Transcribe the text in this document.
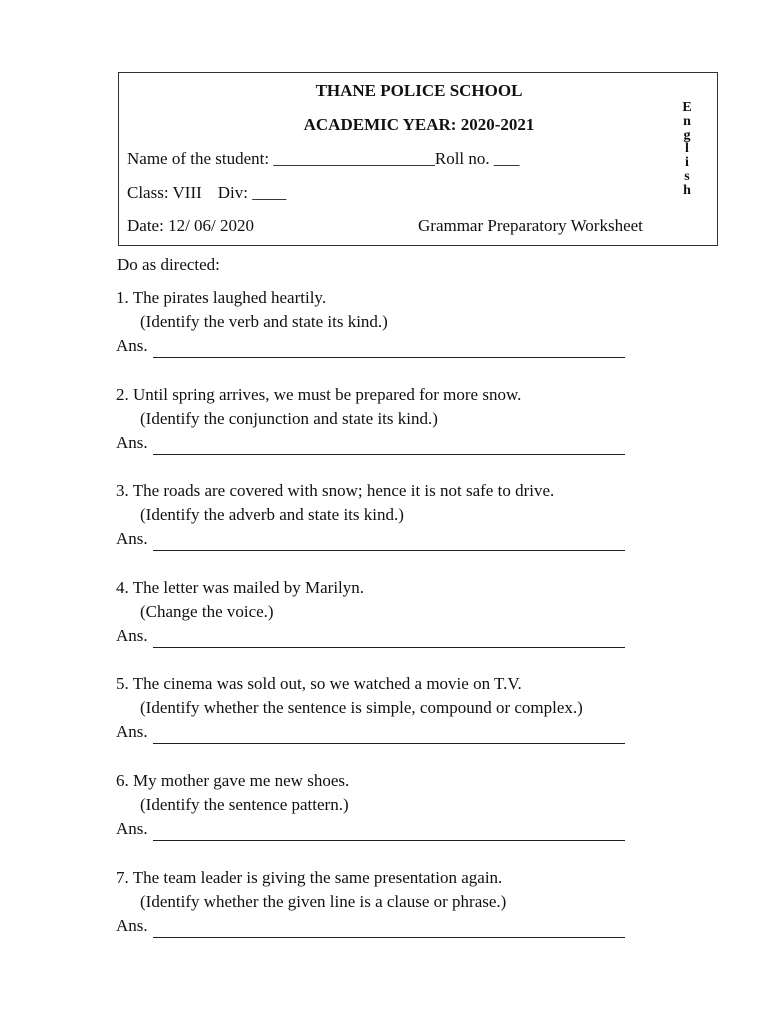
THANE POLICE SCHOOL
ACADEMIC YEAR: 2020-2021
Name of the student: ___________________Roll no. ___
Class: VIII Div: ____
Date: 12/ 06/ 2020	Grammar Preparatory Worksheet
E
n
g
l
i
s
h
Do as directed:
1. The pirates laughed heartily.
(Identify the verb and state its kind.)
Ans.
2. Until spring arrives, we must be prepared for more snow.
(Identify the conjunction and state its kind.)
Ans.
3. The roads are covered with snow; hence it is not safe to drive.
(Identify the adverb and state its kind.)
Ans.
4. The letter was mailed by Marilyn.
(Change the voice.)
Ans.
5. The cinema was sold out, so we watched a movie on T.V.
(Identify whether the sentence is simple, compound or complex.)
Ans.
6. My mother gave me new shoes.
(Identify the sentence pattern.)
Ans.
7. The team leader is giving the same presentation again.
(Identify whether the given line is a clause or phrase.)
Ans.
